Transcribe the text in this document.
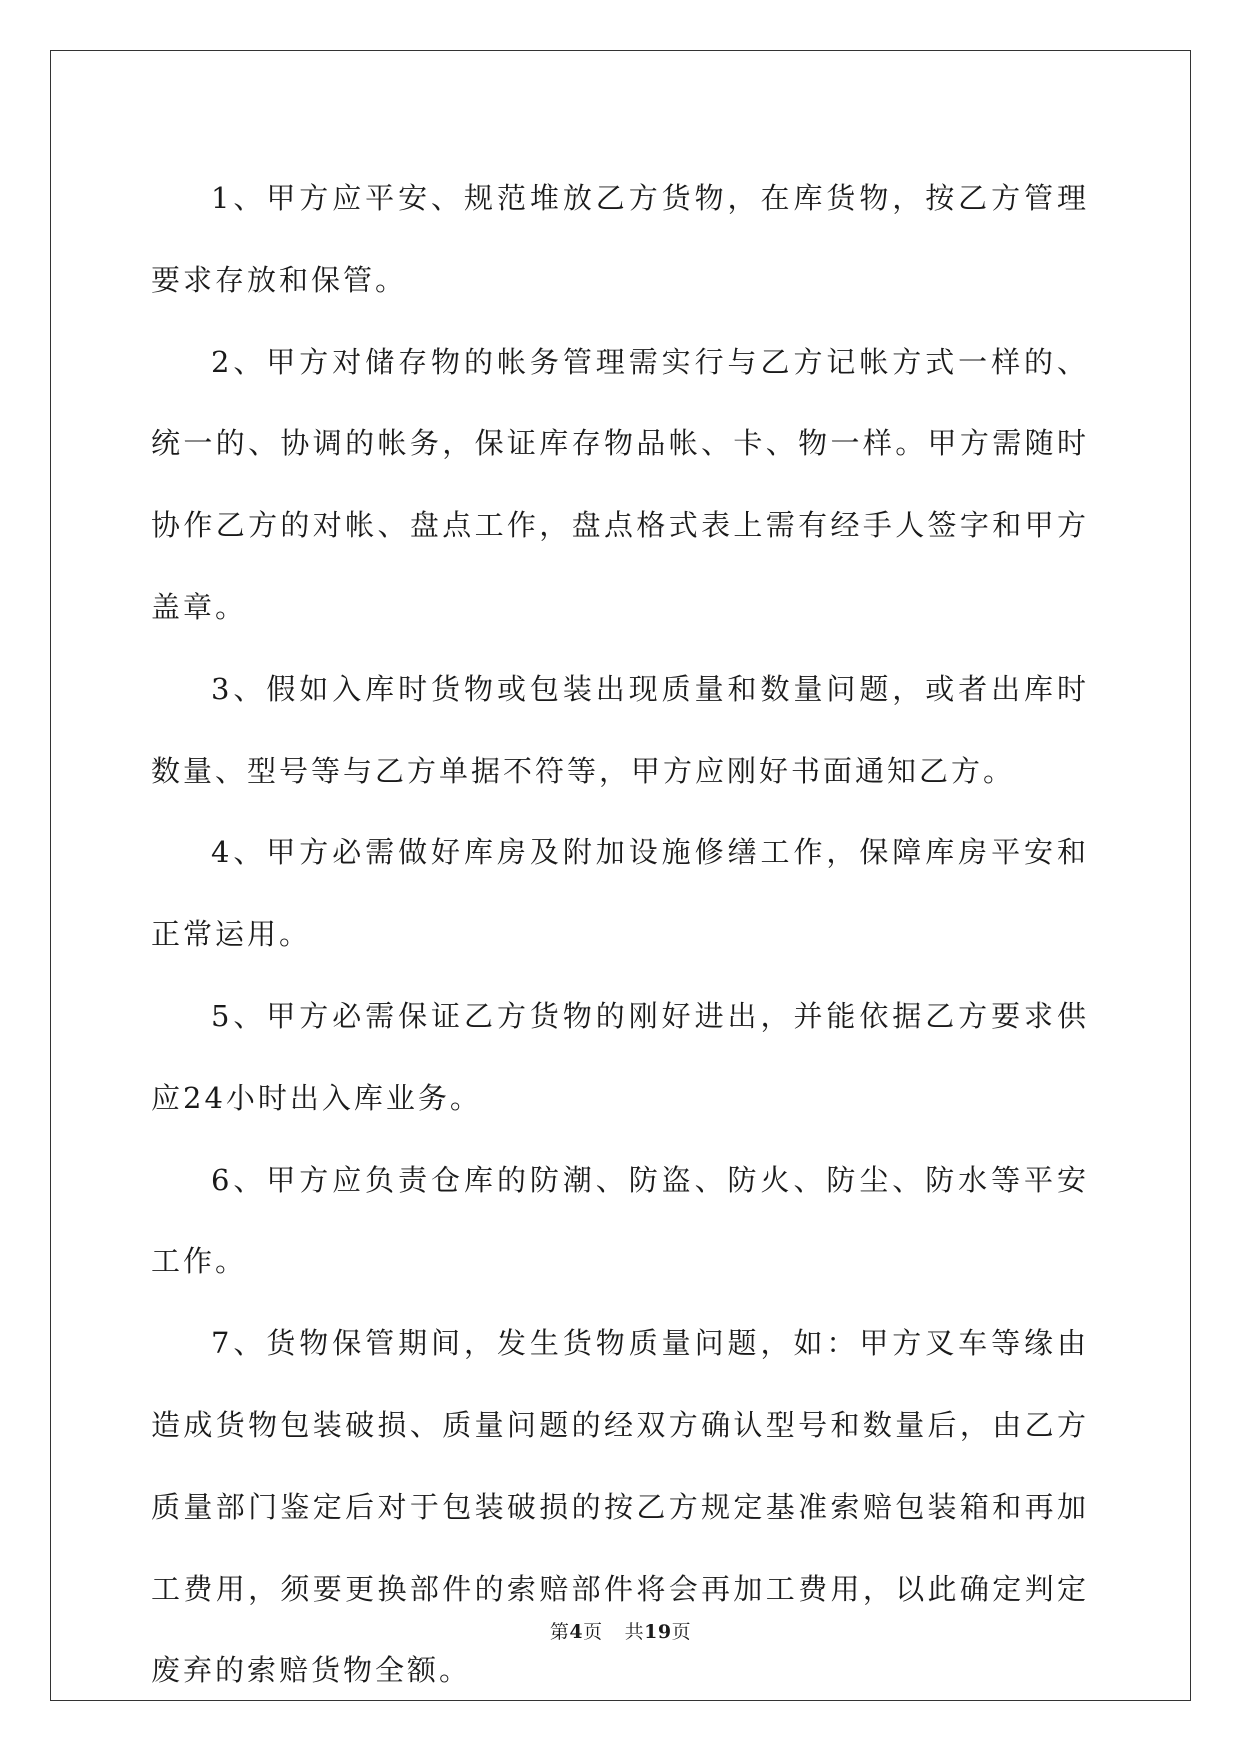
1、甲方应平安、规范堆放乙方货物，在库货物，按乙方管理要求存放和保管。

2、甲方对储存物的帐务管理需实行与乙方记帐方式一样的、统一的、协调的帐务，保证库存物品帐、卡、物一样。甲方需随时协作乙方的对帐、盘点工作，盘点格式表上需有经手人签字和甲方盖章。

3、假如入库时货物或包装出现质量和数量问题，或者出库时数量、型号等与乙方单据不符等，甲方应刚好书面通知乙方。

4、甲方必需做好库房及附加设施修缮工作，保障库房平安和正常运用。

5、甲方必需保证乙方货物的刚好进出，并能依据乙方要求供应24小时出入库业务。

6、甲方应负责仓库的防潮、防盗、防火、防尘、防水等平安工作。

7、货物保管期间，发生货物质量问题，如：甲方叉车等缘由造成货物包装破损、质量问题的经双方确认型号和数量后，由乙方质量部门鉴定后对于包装破损的按乙方规定基准索赔包装箱和再加工费用，须要更换部件的索赔部件将会再加工费用，以此确定判定废弃的索赔货物全额。

第4页 共19页
